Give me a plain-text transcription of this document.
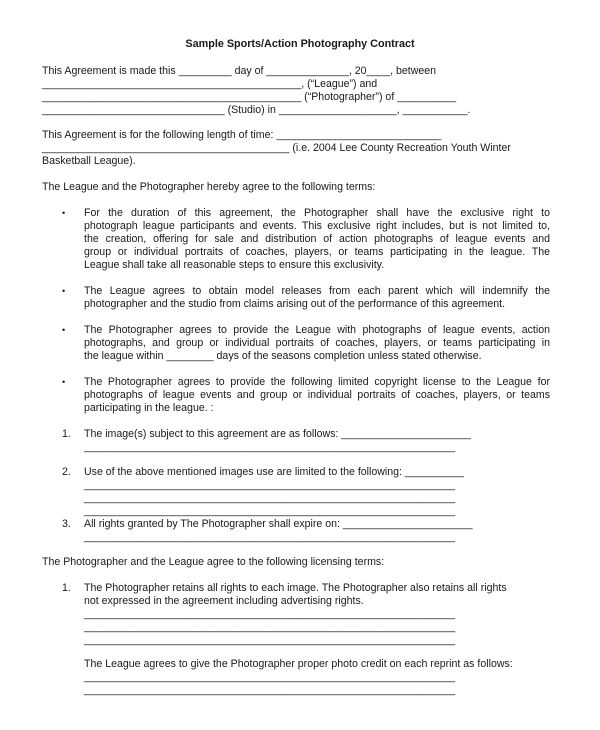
Sample Sports/Action Photography Contract
This Agreement is made this _________ day of ______________, 20____, between
____________________________________________, (“League”) and
____________________________________________ (“Photographer”) of __________
_______________________________ (Studio) in ____________________, ___________.
This Agreement is for the following length of time: ____________________________
__________________________________________ (i.e. 2004 Lee County Recreation Youth Winter
Basketball League).
The League and the Photographer hereby agree to the following terms:
• For the duration of this agreement, the Photographer shall have the exclusive right to
photograph league participants and events. This exclusive right includes, but is not limited to,
the creation, offering for sale and distribution of action photographs of league events and
group or individual portraits of coaches, players, or teams participating in the league. The
League shall take all reasonable steps to ensure this exclusivity.
• The League agrees to obtain model releases from each parent which will indemnify the
photographer and the studio from claims arising out of the performance of this agreement.
• The Photographer agrees to provide the League with photographs of league events, action
photographs, and group or individual portraits of coaches, players, or teams participating in
the league within ________ days of the seasons completion unless stated otherwise.
• The Photographer agrees to provide the following limited copyright license to the League for
photographs of league events and group or individual portraits of coaches, players, or teams
participating in the league. :
1. The image(s) subject to this agreement are as follows: ______________________
_______________________________________________________________
2. Use of the above mentioned images use are limited to the following: __________
_______________________________________________________________
_______________________________________________________________
_______________________________________________________________
3. All rights granted by The Photographer shall expire on: ______________________
_______________________________________________________________
The Photographer and the League agree to the following licensing terms:
1. The Photographer retains all rights to each image. The Photographer also retains all rights
not expressed in the agreement including advertising rights.
_______________________________________________________________
_______________________________________________________________
_______________________________________________________________
The League agrees to give the Photographer proper photo credit on each reprint as follows:
_______________________________________________________________
_______________________________________________________________
